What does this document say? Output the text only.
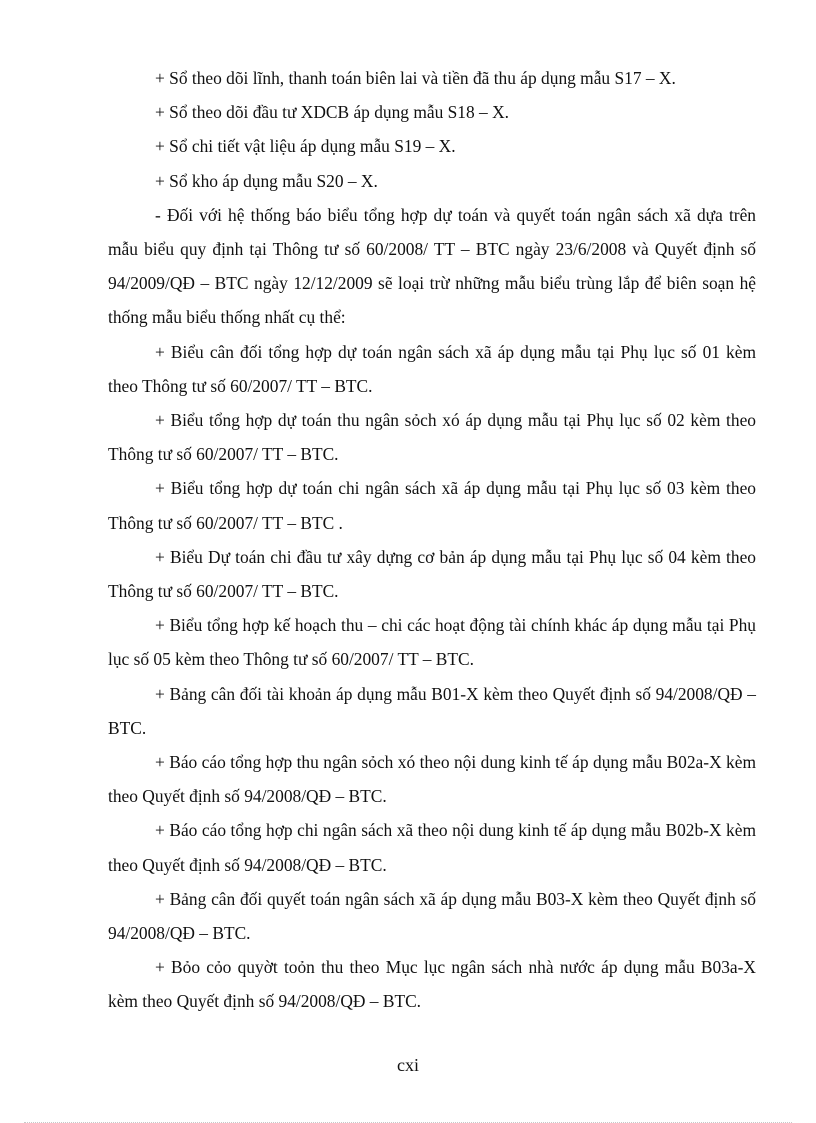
+ Sổ theo dõi lĩnh, thanh toán biên lai và tiền đã thu áp dụng mẫu S17 – X.

+ Sổ theo dõi đầu tư XDCB áp dụng mẫu S18 – X.

+ Sổ chi tiết vật liệu áp dụng mẫu S19 – X.

+ Sổ kho áp dụng mẫu S20 – X.

- Đối với hệ thống báo biểu tổng hợp dự toán và quyết toán ngân sách xã dựa trên mẫu biểu quy định tại Thông tư số 60/2008/ TT – BTC ngày 23/6/2008 và Quyết định số 94/2009/QĐ – BTC ngày 12/12/2009 sẽ loại trừ những mẫu biểu trùng lắp để biên soạn hệ thống mẫu biểu thống nhất cụ thể:

+ Biểu cân đối tổng hợp dự toán ngân sách xã áp dụng mẫu tại Phụ lục số 01 kèm theo Thông tư số 60/2007/ TT – BTC.

+ Biểu tổng hợp dự toán thu ngân sỏch xó áp dụng mẫu tại Phụ lục số 02 kèm theo Thông tư số 60/2007/ TT – BTC.

+ Biểu tổng hợp dự toán chi ngân sách xã áp dụng mẫu tại Phụ lục số 03 kèm theo Thông tư số 60/2007/ TT – BTC .

+ Biểu Dự toán chi đầu tư xây dựng cơ bản áp dụng mẫu tại Phụ lục số 04 kèm theo Thông tư số 60/2007/ TT – BTC.

+ Biểu tổng hợp kế hoạch thu – chi các hoạt động tài chính khác áp dụng mẫu tại Phụ lục số 05 kèm theo Thông tư số 60/2007/ TT – BTC.

+ Bảng cân đối tài khoản áp dụng mẫu B01-X kèm theo Quyết định số 94/2008/QĐ – BTC.

+ Báo cáo tổng hợp thu ngân sỏch xó theo nội dung kinh tế áp dụng mẫu B02a-X kèm theo Quyết định số 94/2008/QĐ – BTC.

+ Báo cáo tổng hợp chi ngân sách xã theo nội dung kinh tế áp dụng mẫu B02b-X kèm theo Quyết định số 94/2008/QĐ – BTC.

+ Bảng cân đối quyết toán ngân sách xã áp dụng mẫu B03-X kèm theo Quyết định số 94/2008/QĐ – BTC.

+ Bỏo cỏo quyờt toỏn thu theo Mục lục ngân sách nhà nước áp dụng mẫu B03a-X kèm theo Quyết định số 94/2008/QĐ – BTC.

cxi
